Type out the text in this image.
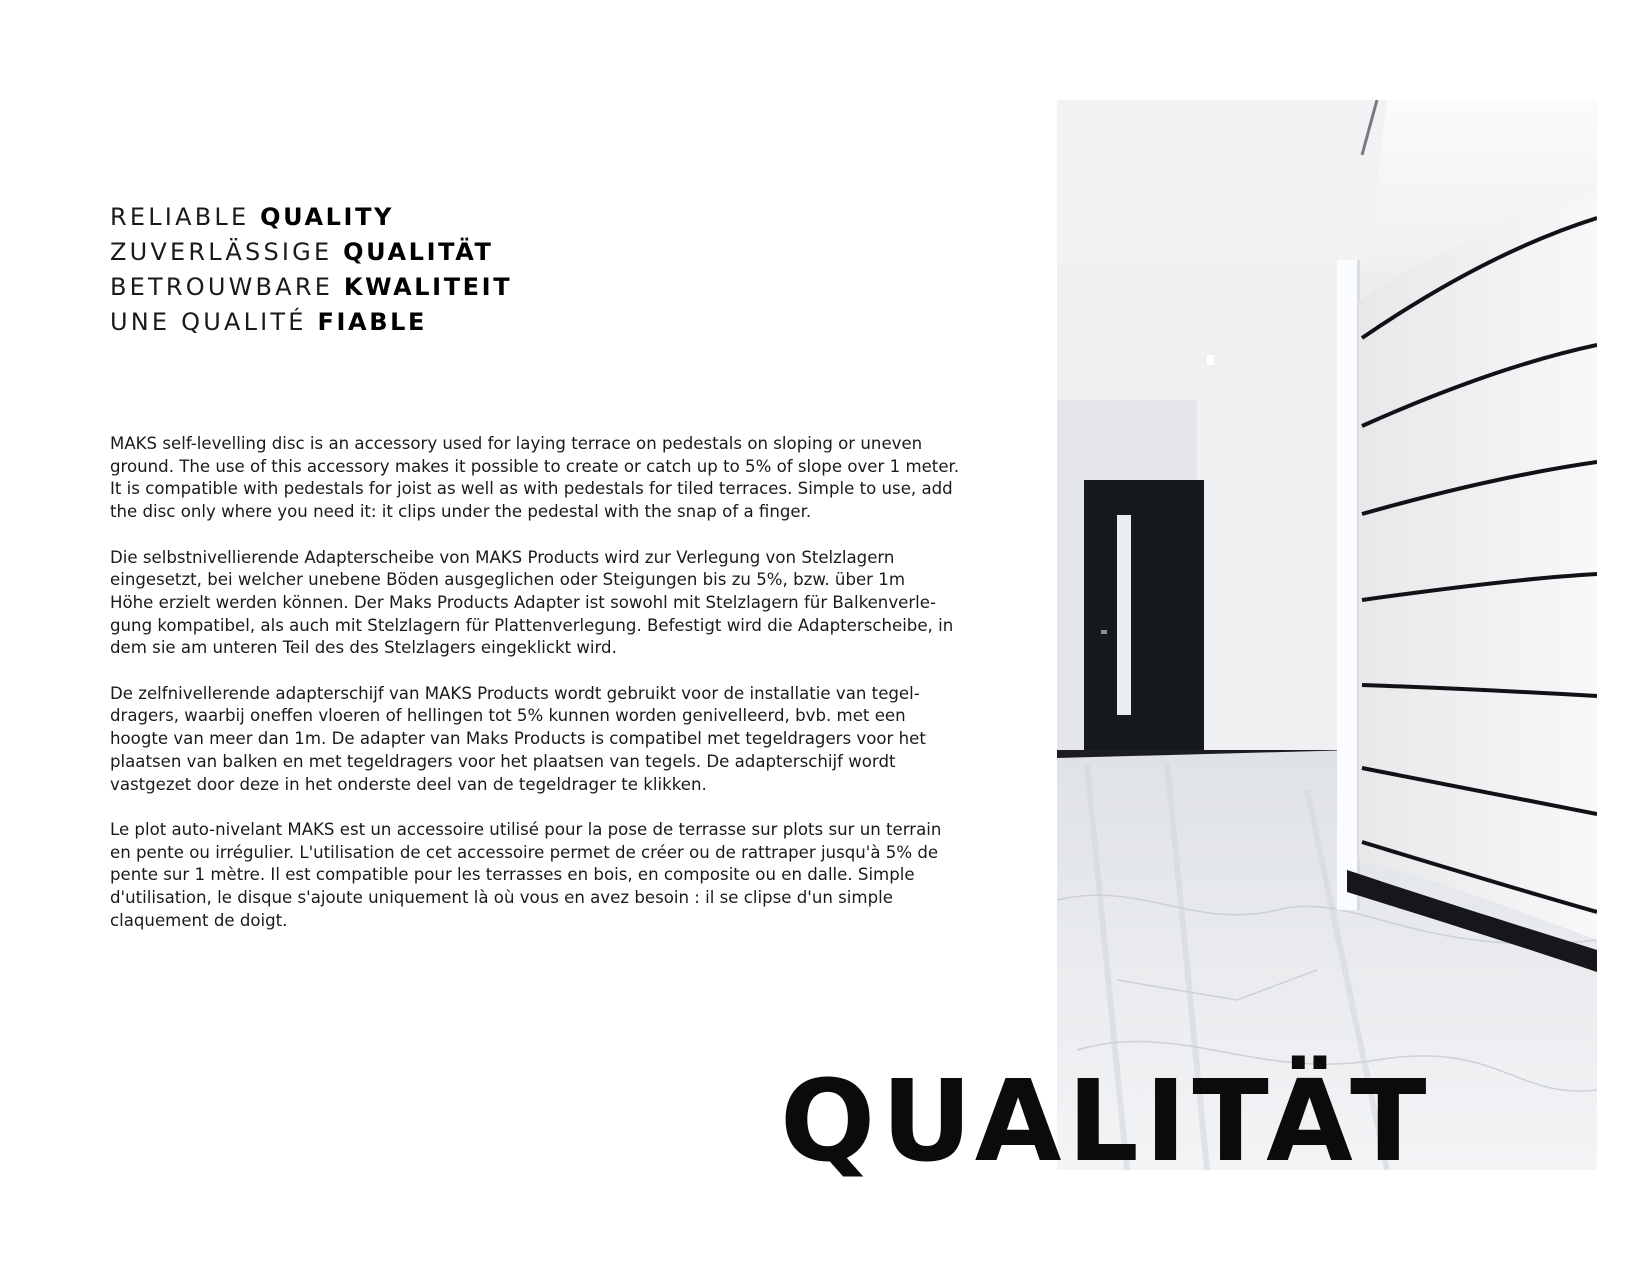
RELIABLE QUALITY
ZUVERLÄSSIGE QUALITÄT
BETROUWBARE KWALITEIT
UNE QUALITÉ FIABLE

MAKS self-levelling disc is an accessory used for laying terrace on pedestals on sloping or uneven
ground. The use of this accessory makes it possible to create or catch up to 5% of slope over 1 meter.
It is compatible with pedestals for joist as well as with pedestals for tiled terraces. Simple to use, add
the disc only where you need it: it clips under the pedestal with the snap of a finger.

Die selbstnivellierende Adapterscheibe von MAKS Products wird zur Verlegung von Stelzlagern
eingesetzt, bei welcher unebene Böden ausgeglichen oder Steigungen bis zu 5%, bzw. über 1m
Höhe erzielt werden können. Der Maks Products Adapter ist sowohl mit Stelzlagern für Balkenverle-
gung kompatibel, als auch mit Stelzlagern für Plattenverlegung. Befestigt wird die Adapterscheibe, in
dem sie am unteren Teil des des Stelzlagers eingeklickt wird.

De zelfnivellerende adapterschijf van MAKS Products wordt gebruikt voor de installatie van tegel-
dragers, waarbij oneffen vloeren of hellingen tot 5% kunnen worden genivelleerd, bvb. met een
hoogte van meer dan 1m. De adapter van Maks Products is compatibel met tegeldragers voor het
plaatsen van balken en met tegeldragers voor het plaatsen van tegels. De adapterschijf wordt
vastgezet door deze in het onderste deel van de tegeldrager te klikken.

Le plot auto-nivelant MAKS est un accessoire utilisé pour la pose de terrasse sur plots sur un terrain
en pente ou irrégulier. L'utilisation de cet accessoire permet de créer ou de rattraper jusqu'à 5% de
pente sur 1 mètre. Il est compatible pour les terrasses en bois, en composite ou en dalle. Simple
d'utilisation, le disque s'ajoute uniquement là où vous en avez besoin : il se clipse d'un simple
claquement de doigt.

QUALITÄT
